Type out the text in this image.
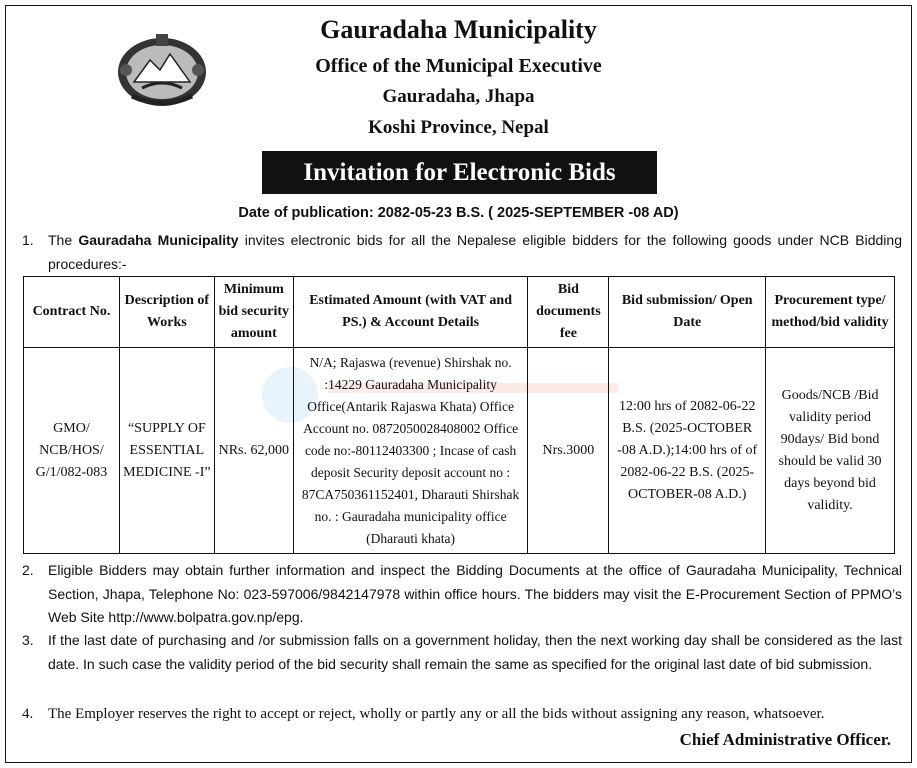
Gauradaha Municipality
Office of the Municipal Executive
Gauradaha, Jhapa
Koshi Province, Nepal
Invitation for Electronic Bids
Date of publication: 2082-05-23 B.S. ( 2025-SEPTEMBER -08 AD)
1. The Gauradaha Municipality invites electronic bids for all the Nepalese eligible bidders for the following goods under NCB Bidding procedures:-
Contract No.	Description of Works	Minimum bid security amount	Estimated Amount (with VAT and PS.) & Account Details	Bid documents fee	Bid submission/ Open Date	Procurement type/ method/bid validity
GMO/ NCB/HOS/ G/1/082-083	“SUPPLY OF ESSENTIAL MEDICINE -I”	NRs. 62,000	N/A; Rajaswa (revenue) Shirshak no. :14229 Gauradaha Municipality Office(Antarik Rajaswa Khata) Office Account no. 0872050028408002 Office code no:-80112403300 ; Incase of cash deposit Security deposit account no : 87CA750361152401, Dharauti Shirshak no. : Gauradaha municipality office (Dharauti khata)	Nrs.3000	12:00 hrs of 2082-06-22 B.S. (2025-OCTOBER -08 A.D.);14:00 hrs of of 2082-06-22 B.S. (2025- OCTOBER-08 A.D.)	Goods/NCB /Bid validity period 90days/ Bid bond should be valid 30 days beyond bid validity.
2. Eligible Bidders may obtain further information and inspect the Bidding Documents at the office of Gauradaha Municipality, Technical Section, Jhapa, Telephone No: 023-597006/9842147978 within office hours. The bidders may visit the E-Procurement Section of PPMO’s Web Site http://www.bolpatra.gov.np/epg.
3. If the last date of purchasing and /or submission falls on a government holiday, then the next working day shall be considered as the last date. In such case the validity period of the bid security shall remain the same as specified for the original last date of bid submission.
4. The Employer reserves the right to accept or reject, wholly or partly any or all the bids without assigning any reason, whatsoever.
Chief Administrative Officer.
